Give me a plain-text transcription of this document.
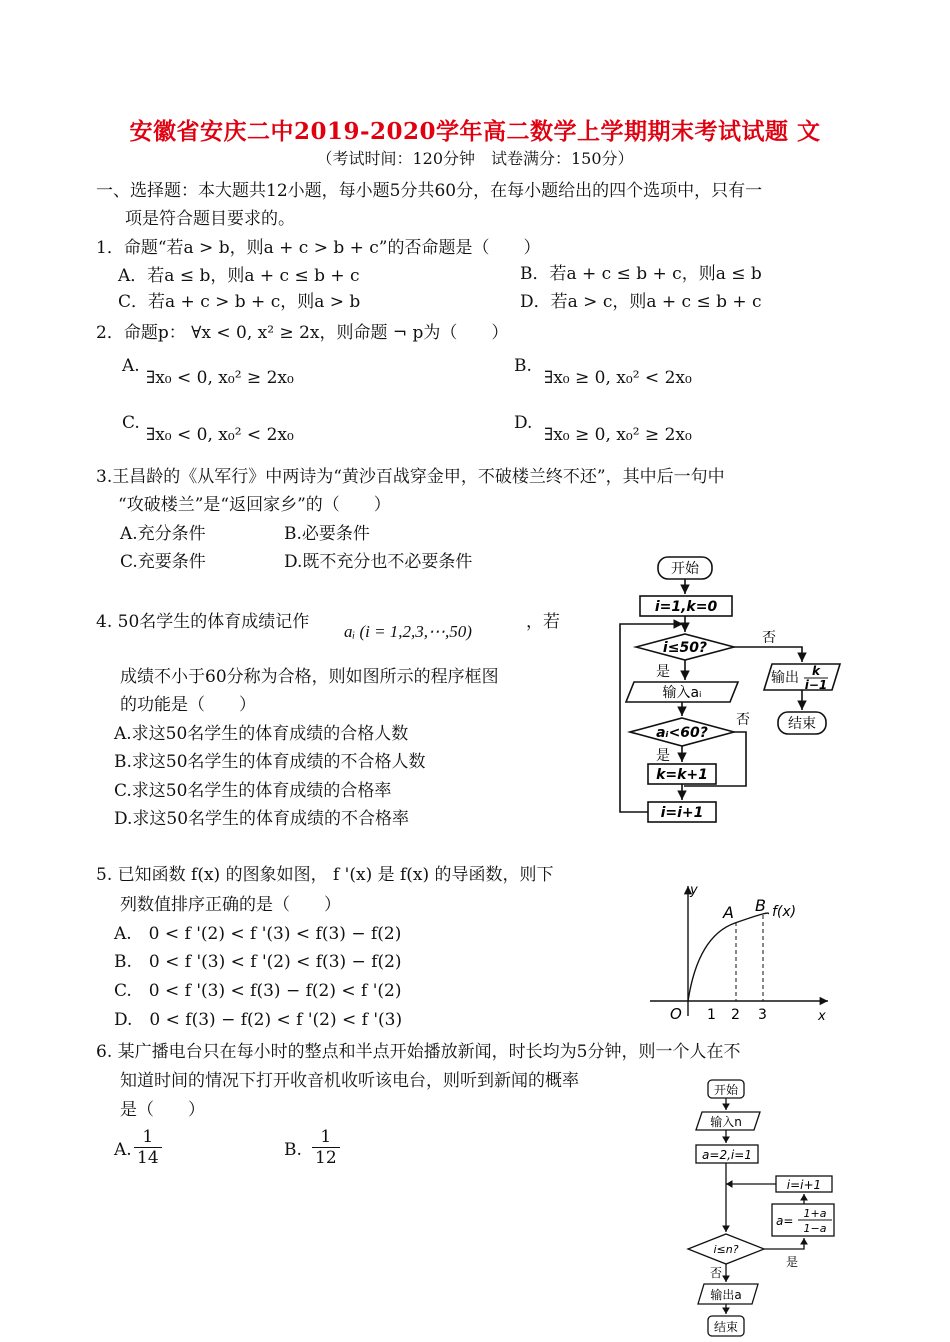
安徽省安庆二中2019-2020学年高二数学上学期期末考试试题 文
（考试时间：120分钟　试卷满分：150分）
一、选择题：本大题共12小题，每小题5分共60分，在每小题给出的四个选项中，只有一
项是符合题目要求的。
1．命题“若a > b，则a + c > b + c”的否命题是（　　）
A．若a ≤ b，则a + c ≤ b + c	B．若a + c ≤ b + c，则a ≤ b
C．若a + c > b + c，则a > b	D．若a > c，则a + c ≤ b + c
2．命题p： ∀x < 0, x² ≥ 2x，则命题 ¬ p为（　　）
A.
∃x₀ < 0, x₀² ≥ 2x₀
B.
∃x₀ ≥ 0, x₀² < 2x₀
C.
∃x₀ < 0, x₀² < 2x₀
D.
∃x₀ ≥ 0, x₀² ≥ 2x₀
3.王昌龄的《从军行》中两诗为“黄沙百战穿金甲，不破楼兰终不还”，其中后一句中
“攻破楼兰”是“返回家乡”的（　　）
A.充分条件	B.必要条件
C.充要条件	D.既不充分也不必要条件
4. 50名学生的体育成绩记作 aᵢ (i = 1,2,3,⋯,50)	，若
成绩不小于60分称为合格，则如图所示的程序框图
的功能是（　　）
A.求这50名学生的体育成绩的合格人数
B.求这50名学生的体育成绩的不合格人数
C.求这50名学生的体育成绩的合格率
D.求这50名学生的体育成绩的不合格率
开始
i=1,k=0
i≤50?
否
是	输出 k
i−1
结束
输入aᵢ
aᵢ<60?
否
是
k=k+1
i=i+1
5. 已知函数 f(x) 的图象如图， f '(x) 是 f(x) 的导函数，则下
列数值排序正确的是（　　）
A.　0 < f '(2) < f '(3) < f(3) − f(2)
B.　0 < f '(3) < f '(2) < f(3) − f(2)
C.　0 < f '(3) < f(3) − f(2) < f '(2)
D.　0 < f(3) − f(2) < f '(2) < f '(3)
y
x
O
A B f(x)
1 2 3
6. 某广播电台只在每小时的整点和半点开始播放新闻，时长均为5分钟，则一个人在不
知道时间的情况下打开收音机收听该电台，则听到新闻的概率
是（　　）
A. $\frac{1}{14}$	B. $\frac{1}{12}$
开始
输入n
a=2,i=1
i=i+1
a=
1+a
1−a
i≤n?
是
否
输出a
结束
